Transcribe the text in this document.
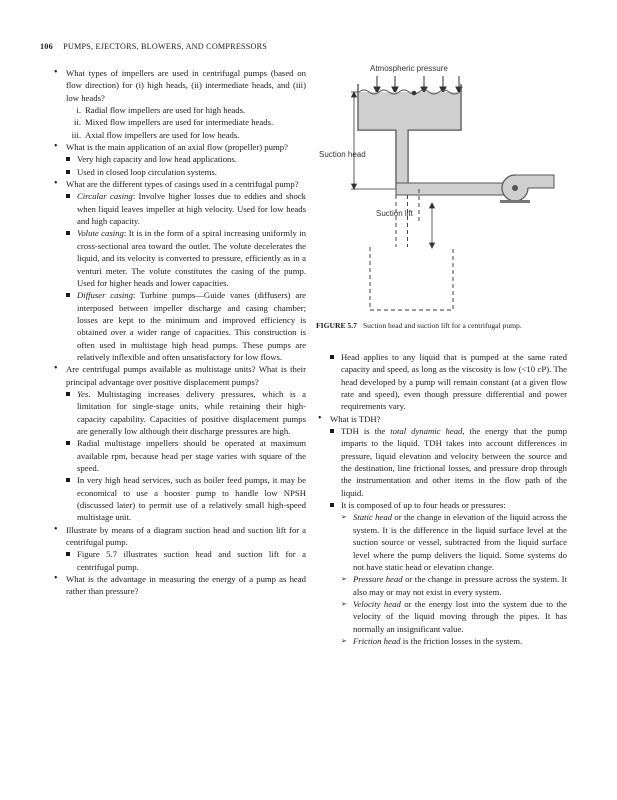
106 PUMPS, EJECTORS, BLOWERS, AND COMPRESSORS
• What types of impellers are used in centrifugal pumps (based on flow direction) for (i) high heads, (ii) intermediate heads, and (iii) low heads?
i. Radial flow impellers are used for high heads.
ii. Mixed flow impellers are used for intermediate heads.
iii. Axial flow impellers are used for low heads.
• What is the main application of an axial flow (propeller) pump?
Very high capacity and low head applications.
Used in closed loop circulation systems.
• What are the different types of casings used in a centrifugal pump?
Circular casing: Involve higher losses due to eddies and shock when liquid leaves impeller at high velocity. Used for low heads and high capacity.
Volute casing: It is in the form of a spiral increasing uniformly in cross-sectional area toward the outlet. The volute decelerates the liquid, and its velocity is converted to pressure, efficiently as in a venturi meter. The volute constitutes the casing of the pump. Used for higher heads and lower capacities.
Diffuser casing: Turbine pumps—Guide vanes (diffusers) are interposed between impeller discharge and casing chamber; losses are kept to the minimum and improved efficiency is obtained over a wider range of capacities. This construction is often used in multistage high head pumps. These pumps are relatively inflexible and often unsatisfactory for low flows.
• Are centrifugal pumps available as multistage units? What is their principal advantage over positive displacement pumps?
Yes. Multistaging increases delivery pressures, which is a limitation for single-stage units, while retaining their high-capacity capability. Capacities of positive displacement pumps are generally low although their discharge pressures are high.
Radial multistage impellers should be operated at maximum available rpm, because head per stage varies with square of the speed.
In very high head services, such as boiler feed pumps, it may be economical to use a booster pump to handle low NPSH (discussed later) to permit use of a relatively small high-speed multistage unit.
• Illustrate by means of a diagram suction head and suction lift for a centrifugal pump.
Figure 5.7 illustrates suction head and suction lift for a centrifugal pump.
• What is the advantage in measuring the energy of a pump as head rather than pressure?
Atmospheric pressure
Suction head
Suction lift
FIGURE 5.7 Suction head and suction lift for a centrifugal pump.
Head applies to any liquid that is pumped at the same rated capacity and speed, as long as the viscosity is low (<10 cP). The head developed by a pump will remain constant (at a given flow rate and speed), even though pressure differential and power requirements vary.
• What is TDH?
TDH is the total dynamic head, the energy that the pump imparts to the liquid. TDH takes into account differences in pressure, liquid elevation and velocity between the source and the destination, line frictional losses, and pressure drop through the instrumentation and other items in the flow path of the liquid.
It is composed of up to four heads or pressures:
➢ Static head or the change in elevation of the liquid across the system. It is the difference in the liquid surface level at the suction source or vessel, subtracted from the liquid surface level where the pump delivers the liquid. Some systems do not have static head or elevation change.
➢ Pressure head or the change in pressure across the system. It also may or may not exist in every system.
➢ Velocity head or the energy lost into the system due to the velocity of the liquid moving through the pipes. It has normally an insignificant value.
➢ Friction head is the friction losses in the system.
